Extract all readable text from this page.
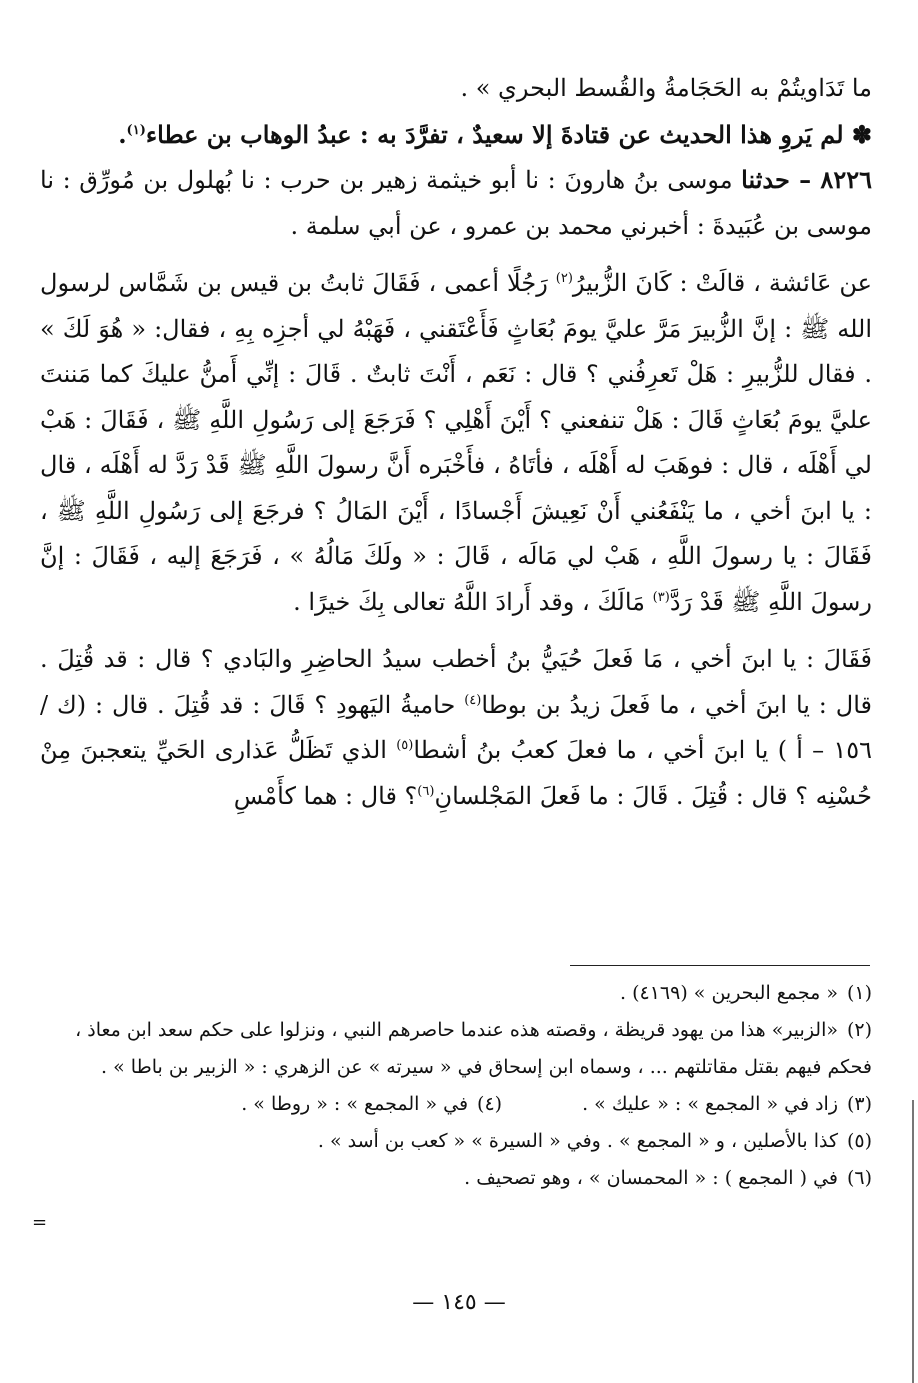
ما تَدَاويتُمْ به الحَجَامةُ والقُسط البحري » .

✽ لم يَروِ هذا الحديث عن قتادةَ إلا سعيدٌ ، تفرَّدَ به : عبدُ الوهاب بن عطاء$^{(١)}$.

٨٢٢٦ – حدثنا موسى بنُ هارونَ : نا أبو خيثمة زهير بن حرب : نا بُهلول بن مُورِّق : نا موسى بن عُبَيدةَ : أخبرني محمد بن عمرو ، عن أبي سلمة .

عن عَائشة ، قالَتْ : كَانَ الزُّبيرُ$^{(٢)}$ رَجُلًا أعمى ، فَقَالَ ثابتُ بن قيس بن شَمَّاس لرسول الله ﷺ : إنَّ الزُّبيرَ مَرَّ عليَّ يومَ بُعَاثٍ فَأَعْتَقني ، فَهَبْهُ لي أجزِه بِهِ ، فقال: « هُوَ لَكَ » . فقال للزُّبيرِ : هَلْ تَعرِفُني ؟ قال : نَعَم ، أَنْتَ ثابتٌ . قَالَ : إنِّي أَمنُّ عليكَ كما مَننتَ عليَّ يومَ بُعَاثٍ قَالَ : هَلْ تنفعني ؟ أَيْنَ أَهْلِي ؟ فَرَجَعَ إلى رَسُولِ اللَّهِ ﷺ ، فَقَالَ : هَبْ لي أَهْلَه ، قال : فوهَبَ له أَهْلَه ، فأتَاهُ ، فأَخْبَره أَنَّ رسولَ اللَّهِ ﷺ قَدْ رَدَّ له أَهْلَه ، قال : يا ابنَ أخي ، ما يَنْفَعُني أَنْ نَعِيشَ أَجْسادًا ، أَيْنَ المَالُ ؟ فرجَعَ إلى رَسُولِ اللَّهِ ﷺ ، فَقَالَ : يا رسولَ اللَّهِ ، هَبْ لي مَالَه ، قَالَ : « ولَكَ مَالُهُ » ، فَرَجَعَ إليه ، فَقَالَ : إنَّ رسولَ اللَّهِ ﷺ قَدْ رَدَّ$^{(٣)}$ مَالَكَ ، وقد أَرادَ اللَّهُ تعالى بِكَ خيرًا .

فَقَالَ : يا ابنَ أخي ، مَا فَعلَ حُيَيُّ بنُ أخطب سيدُ الحاضِرِ والبَادي ؟ قال : قد قُتِلَ . قال : يا ابنَ أخي ، ما فَعلَ زيدُ بن بوطا$^{(٤)}$ حاميةُ اليَهودِ ؟ قَالَ : قد قُتِلَ . قال : (ك / ١٥٦ – أ ) يا ابنَ أخي ، ما فعلَ كعبُ بنُ أشطا$^{(٥)}$ الذي تَظَلُّ عَذارى الحَيِّ يتعجبنَ مِنْ حُسْنِه ؟ قال : قُتِلَ . قَالَ : ما فَعلَ المَجْلسانِ$^{(٦)}$؟ قال : هما كأَمْسِ

(١)« مجمع البحرين » (٤١٦٩) .

(٢)«الزبير» هذا من يهود قريظة ، وقصته هذه عندما حاصرهم النبي ، ونزلوا على حكم سعد ابن معاذ ، فحكم فيهم بقتل مقاتلتهم ... ، وسماه ابن إسحاق في « سيرته » عن الزهري : « الزبير بن باطا » .

(٣)زاد في « المجمع » : « عليك » .

(٤)في « المجمع » : « روطا » .

(٥)كذا بالأصلين ، و « المجمع » . وفي « السيرة » « كعب بن أسد » .

(٦)في ( المجمع ) : « المحمسان » ، وهو تصحيف .

=
— ١٤٥ —
